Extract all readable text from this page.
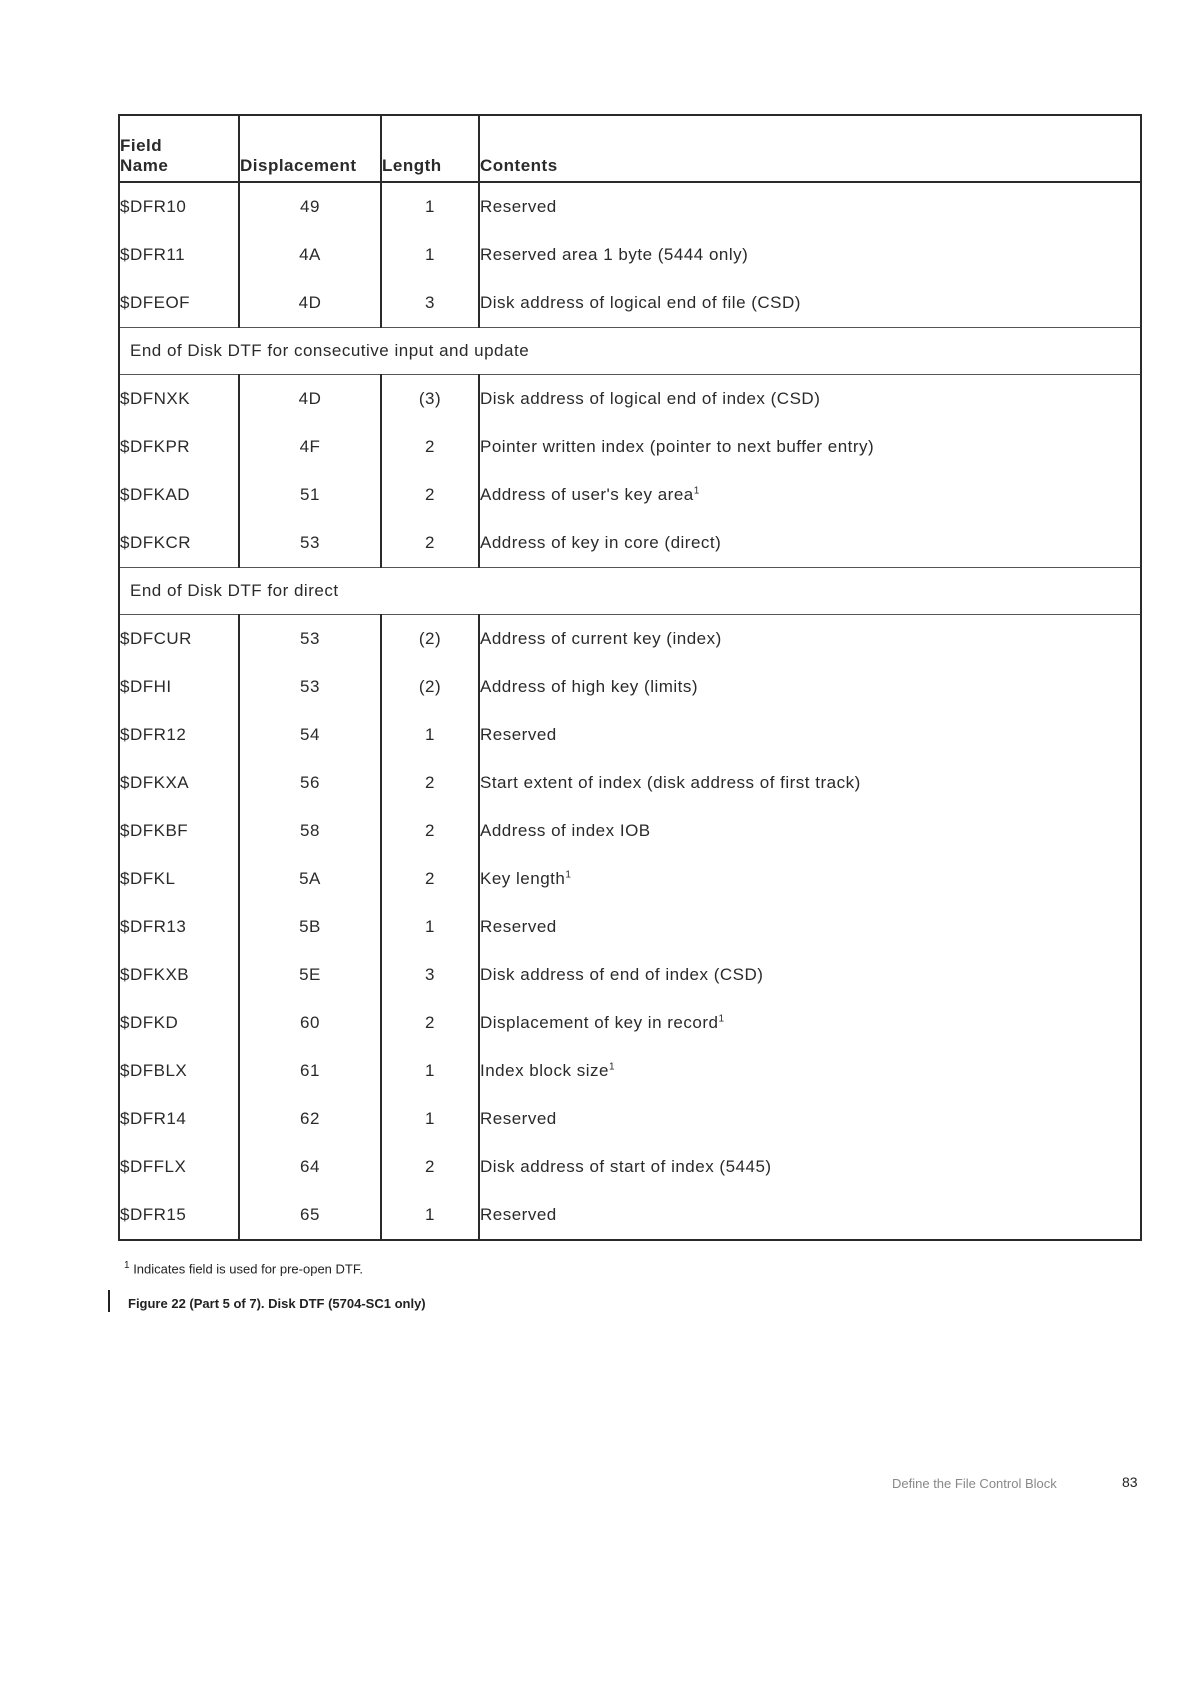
Field
Name	Displacement	Length	Contents
$DFR10	49	1	Reserved
$DFR11	4A	1	Reserved area 1 byte (5444 only)
$DFEOF	4D	3	Disk address of logical end of file (CSD)
End of Disk DTF for consecutive input and update			
$DFNXK	4D	(3)	Disk address of logical end of index (CSD)
$DFKPR	4F	2	Pointer written index (pointer to next buffer entry)
$DFKAD	51	2	Address of user's key area$^1$
$DFKCR	53	2	Address of key in core (direct)
End of Disk DTF for direct			
$DFCUR	53	(2)	Address of current key (index)
$DFHI	53	(2)	Address of high key (limits)
$DFR12	54	1	Reserved
$DFKXA	56	2	Start extent of index (disk address of first track)
$DFKBF	58	2	Address of index IOB
$DFKL	5A	2	Key length$^1$
$DFR13	5B	1	Reserved
$DFKXB	5E	3	Disk address of end of index (CSD)
$DFKD	60	2	Displacement of key in record$^1$
$DFBLX	61	1	Index block size$^1$
$DFR14	62	1	Reserved
$DFFLX	64	2	Disk address of start of index (5445)
$DFR15	65	1	Reserved
$^1$ Indicates field is used for pre-open DTF.
Figure 22 (Part 5 of 7). Disk DTF (5704-SC1 only)
Define the File Control Block	83
